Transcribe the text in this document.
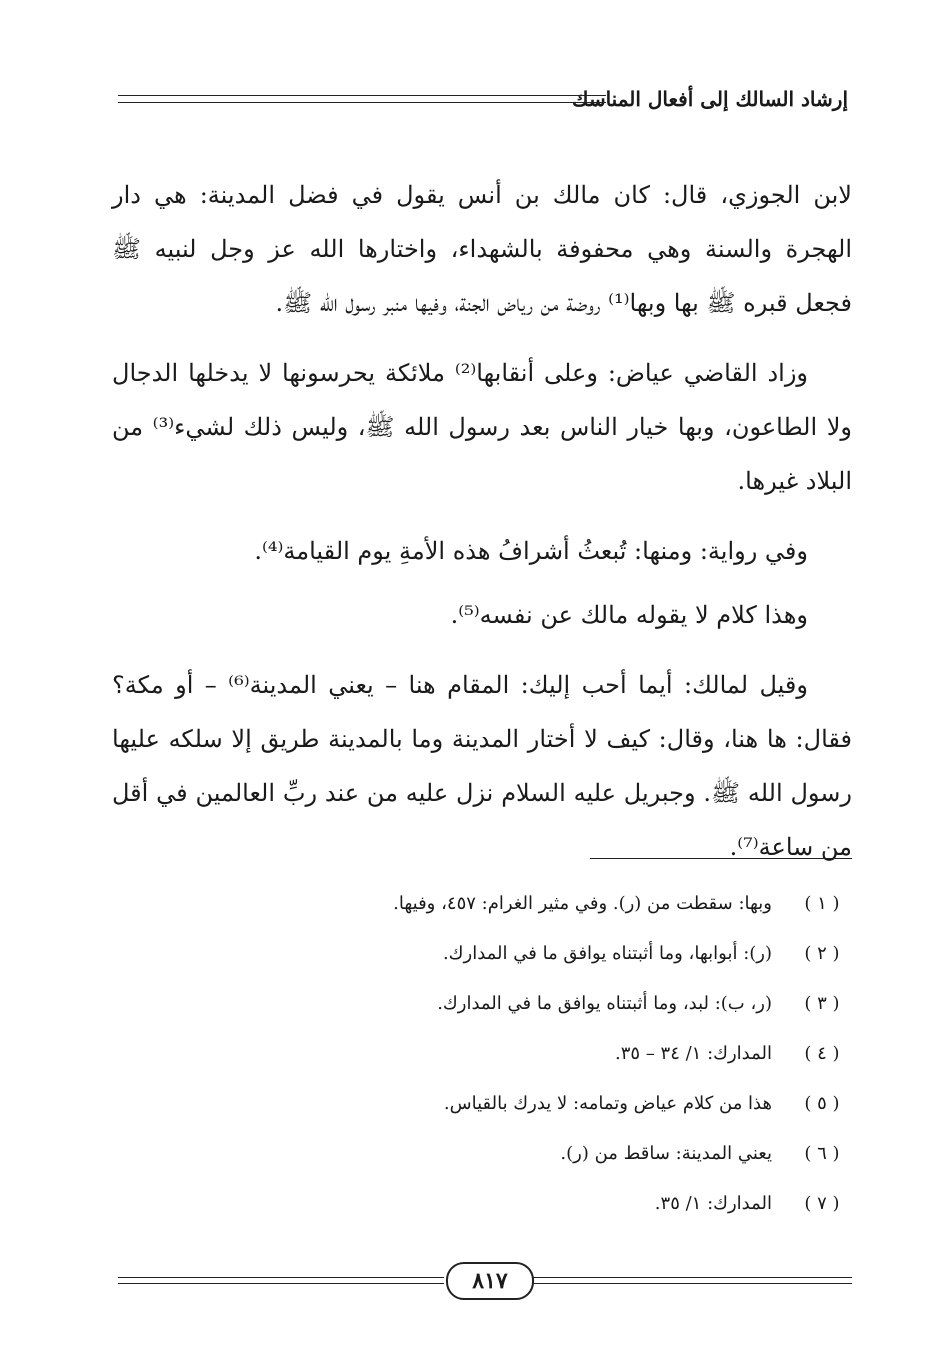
إرشاد السالك إلى أفعال المناسك

لابن الجوزي، قال: كان مالك بن أنس يقول في فضل المدينة: هي دار الهجرة والسنة وهي محفوفة بالشهداء، واختارها الله عز وجل لنبيه ﷺ فجعل قبره ﷺ بها وبها⁽¹⁾ روضة من رياض الجنة، وفيها منبر رسول الله ﷺ.

وزاد القاضي عياض: وعلى أنقابها⁽²⁾ ملائكة يحرسونها لا يدخلها الدجال ولا الطاعون، وبها خيار الناس بعد رسول الله ﷺ، وليس ذلك لشيء⁽³⁾ من البلاد غيرها.

وفي رواية: ومنها: تُبعثُ أشرافُ هذه الأمةِ يوم القيامة⁽⁴⁾.

وهذا كلام لا يقوله مالك عن نفسه⁽⁵⁾.

وقيل لمالك: أيما أحب إليك: المقام هنا – يعني المدينة⁽⁶⁾ – أو مكة؟ فقال: ها هنا، وقال: كيف لا أختار المدينة وما بالمدينة طريق إلا سلكه عليها رسول الله ﷺ. وجبريل عليه السلام نزل عليه من عند ربِّ العالمين في أقل من ساعة⁽⁷⁾.

( ١ )
وبها: سقطت من (ر). وفي مثير الغرام: ٤٥٧، وفيها.
( ٢ )
(ر): أبوابها، وما أثبتناه يوافق ما في المدارك.
( ٣ )
(ر، ب): لبد، وما أثبتناه يوافق ما في المدارك.
( ٤ )
المدارك: ١/ ٣٤ – ٣٥.
( ٥ )
هذا من كلام عياض وتمامه: لا يدرك بالقياس.
( ٦ )
يعني المدينة: ساقط من (ر).
( ٧ )
المدارك: ١/ ٣٥.
٨١٧
